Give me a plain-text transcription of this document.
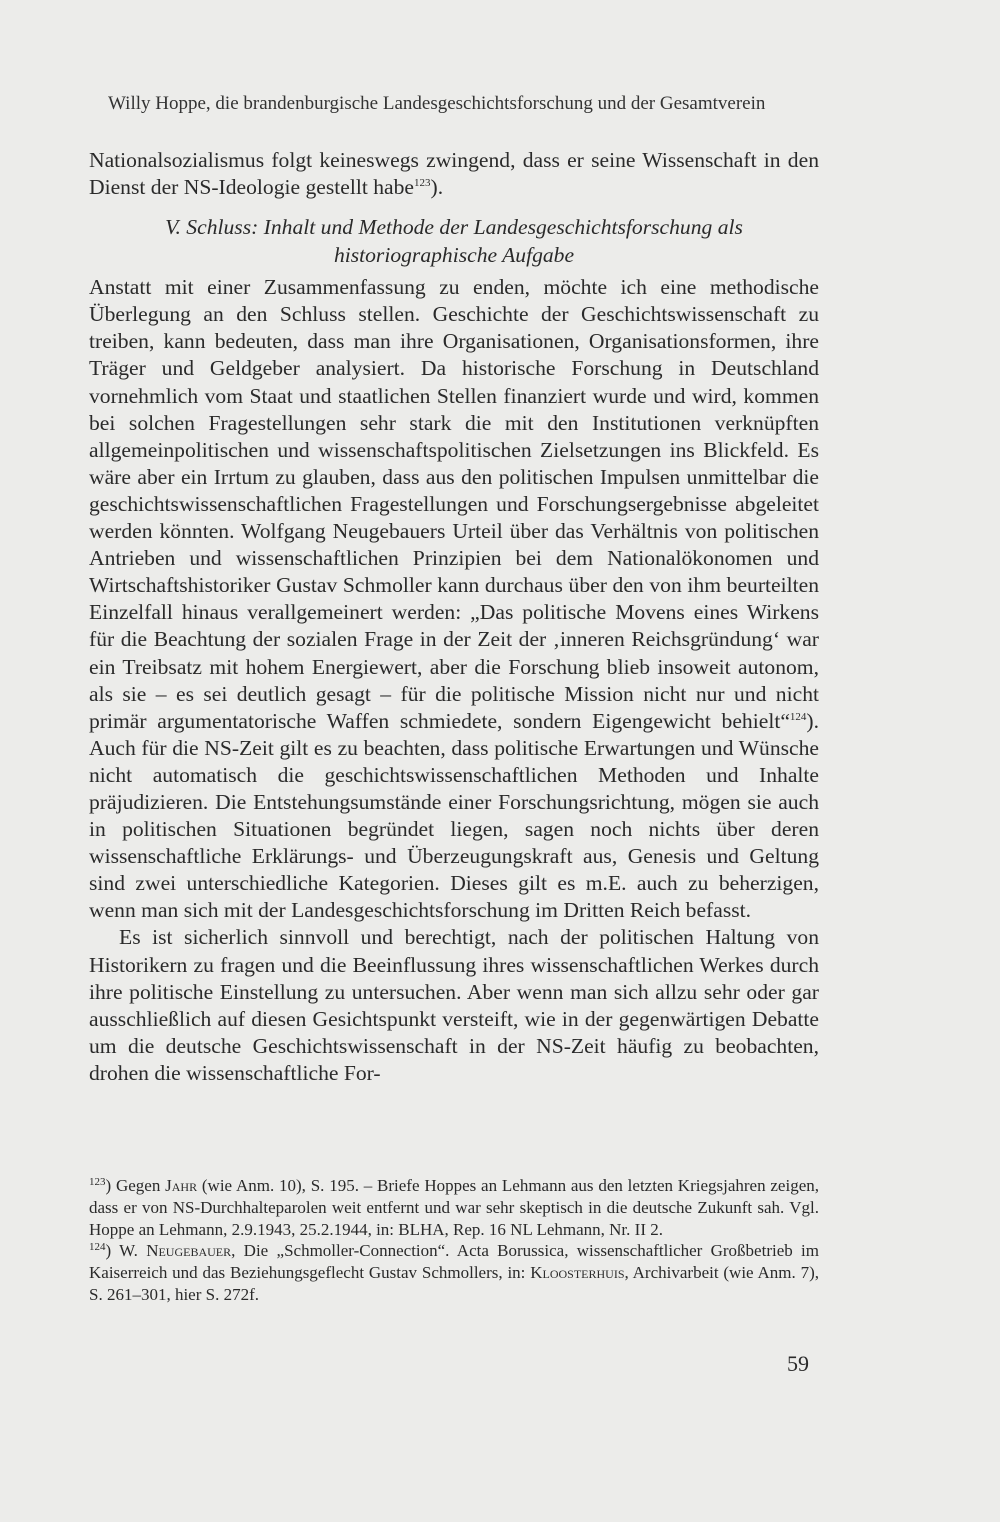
Willy Hoppe, die brandenburgische Landesgeschichtsforschung und der Gesamtverein

Nationalsozialismus folgt keineswegs zwingend, dass er seine Wissenschaft in den Dienst der NS-Ideologie gestellt habe$^{123}$).

V. Schluss: Inhalt und Methode der Landesgeschichtsforschung als
historiographische Aufgabe

Anstatt mit einer Zusammenfassung zu enden, möchte ich eine methodische Überlegung an den Schluss stellen. Geschichte der Geschichtswissenschaft zu treiben, kann bedeuten, dass man ihre Organisationen, Organisationsformen, ihre Träger und Geldgeber analysiert. Da historische Forschung in Deutschland vornehmlich vom Staat und staatlichen Stellen finanziert wurde und wird, kommen bei solchen Fragestellungen sehr stark die mit den Institutionen verknüpften allgemeinpolitischen und wissenschaftspolitischen Zielsetzungen ins Blickfeld. Es wäre aber ein Irrtum zu glauben, dass aus den politischen Impulsen unmittelbar die geschichtswissenschaftlichen Fragestellungen und Forschungsergebnisse abgeleitet werden könnten. Wolfgang Neugebauers Urteil über das Verhältnis von politischen Antrieben und wissenschaftlichen Prinzipien bei dem Nationalökonomen und Wirtschaftshistoriker Gustav Schmoller kann durchaus über den von ihm beurteilten Einzelfall hinaus verallgemeinert werden: „Das politische Movens eines Wirkens für die Beachtung der sozialen Frage in der Zeit der ‚inneren Reichsgründung‘ war ein Treibsatz mit hohem Energiewert, aber die Forschung blieb insoweit autonom, als sie – es sei deutlich gesagt – für die politische Mission nicht nur und nicht primär argumentatorische Waffen schmiedete, sondern Eigengewicht behielt“$^{124}$). Auch für die NS-Zeit gilt es zu beachten, dass politische Erwartungen und Wünsche nicht automatisch die geschichtswissenschaftlichen Methoden und Inhalte präjudizieren. Die Entstehungsumstände einer Forschungsrichtung, mögen sie auch in politischen Situationen begründet liegen, sagen noch nichts über deren wissenschaftliche Erklärungs- und Überzeugungskraft aus, Genesis und Geltung sind zwei unterschiedliche Kategorien. Dieses gilt es m.E. auch zu beherzigen, wenn man sich mit der Landesgeschichtsforschung im Dritten Reich befasst.

Es ist sicherlich sinnvoll und berechtigt, nach der politischen Haltung von Historikern zu fragen und die Beeinflussung ihres wissenschaftlichen Werkes durch ihre politische Einstellung zu untersuchen. Aber wenn man sich allzu sehr oder gar ausschließlich auf diesen Gesichtspunkt versteift, wie in der gegenwärtigen Debatte um die deutsche Geschichtswissenschaft in der NS-Zeit häufig zu beobachten, drohen die wissenschaftliche For-

$^{123}$) Gegen Jahr (wie Anm. 10), S. 195. – Briefe Hoppes an Lehmann aus den letzten Kriegsjahren zeigen, dass er von NS-Durchhalteparolen weit entfernt und war sehr skeptisch in die deutsche Zukunft sah. Vgl. Hoppe an Lehmann, 2.9.1943, 25.2.1944, in: BLHA, Rep. 16 NL Lehmann, Nr. II 2.

$^{124}$) W. Neugebauer, Die „Schmoller-Connection“. Acta Borussica, wissenschaftlicher Großbetrieb im Kaiserreich und das Beziehungsgeflecht Gustav Schmollers, in: Kloosterhuis, Archivarbeit (wie Anm. 7), S. 261–301, hier S. 272f.

59
